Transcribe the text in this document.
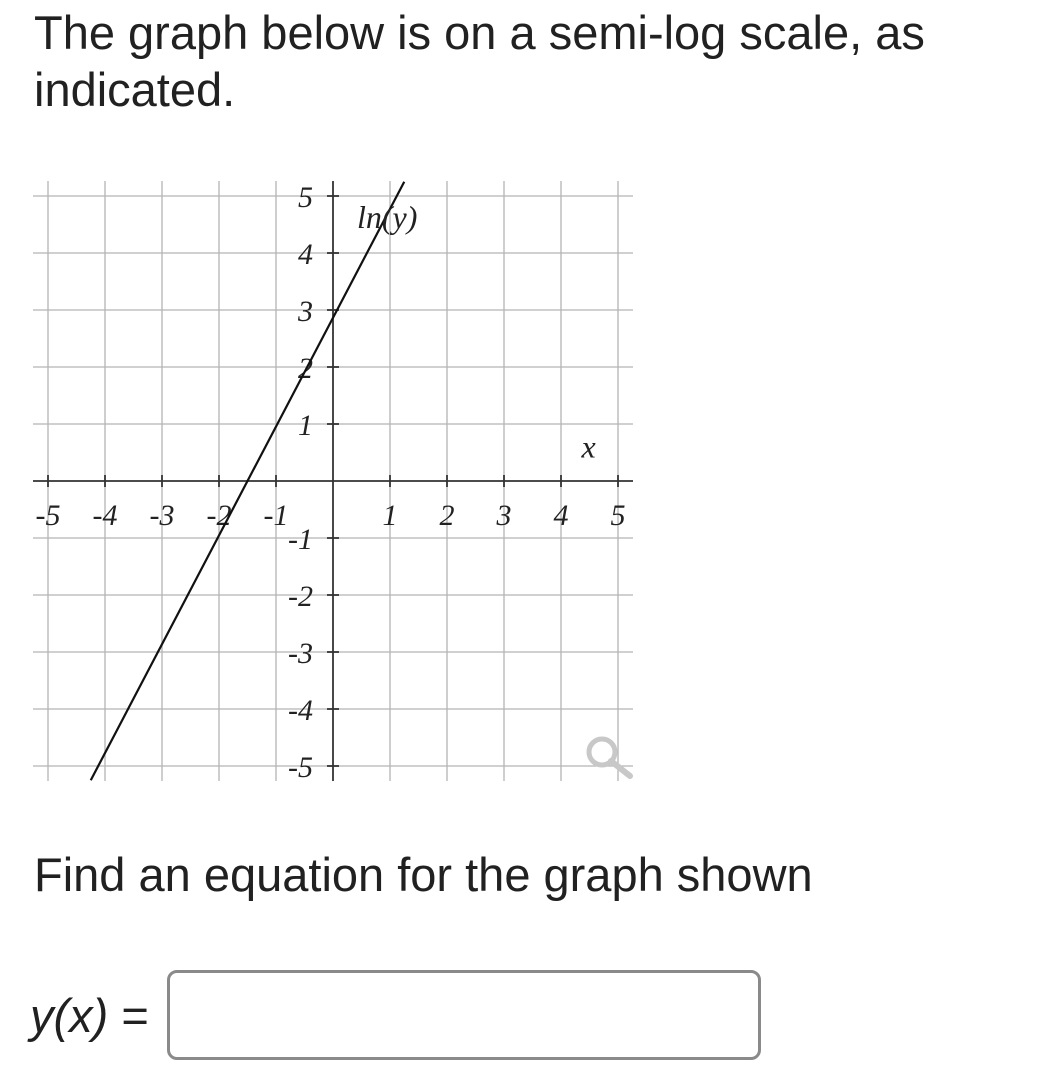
The graph below is on a semi-log scale, as indicated.
-5 -4 -3 -2 -1	1 2 3 4 5
5
4
3
2
1
-1
-2
-3
-4
-5
ln(y)
x

Find an equation for the graph shown

y(x) =
